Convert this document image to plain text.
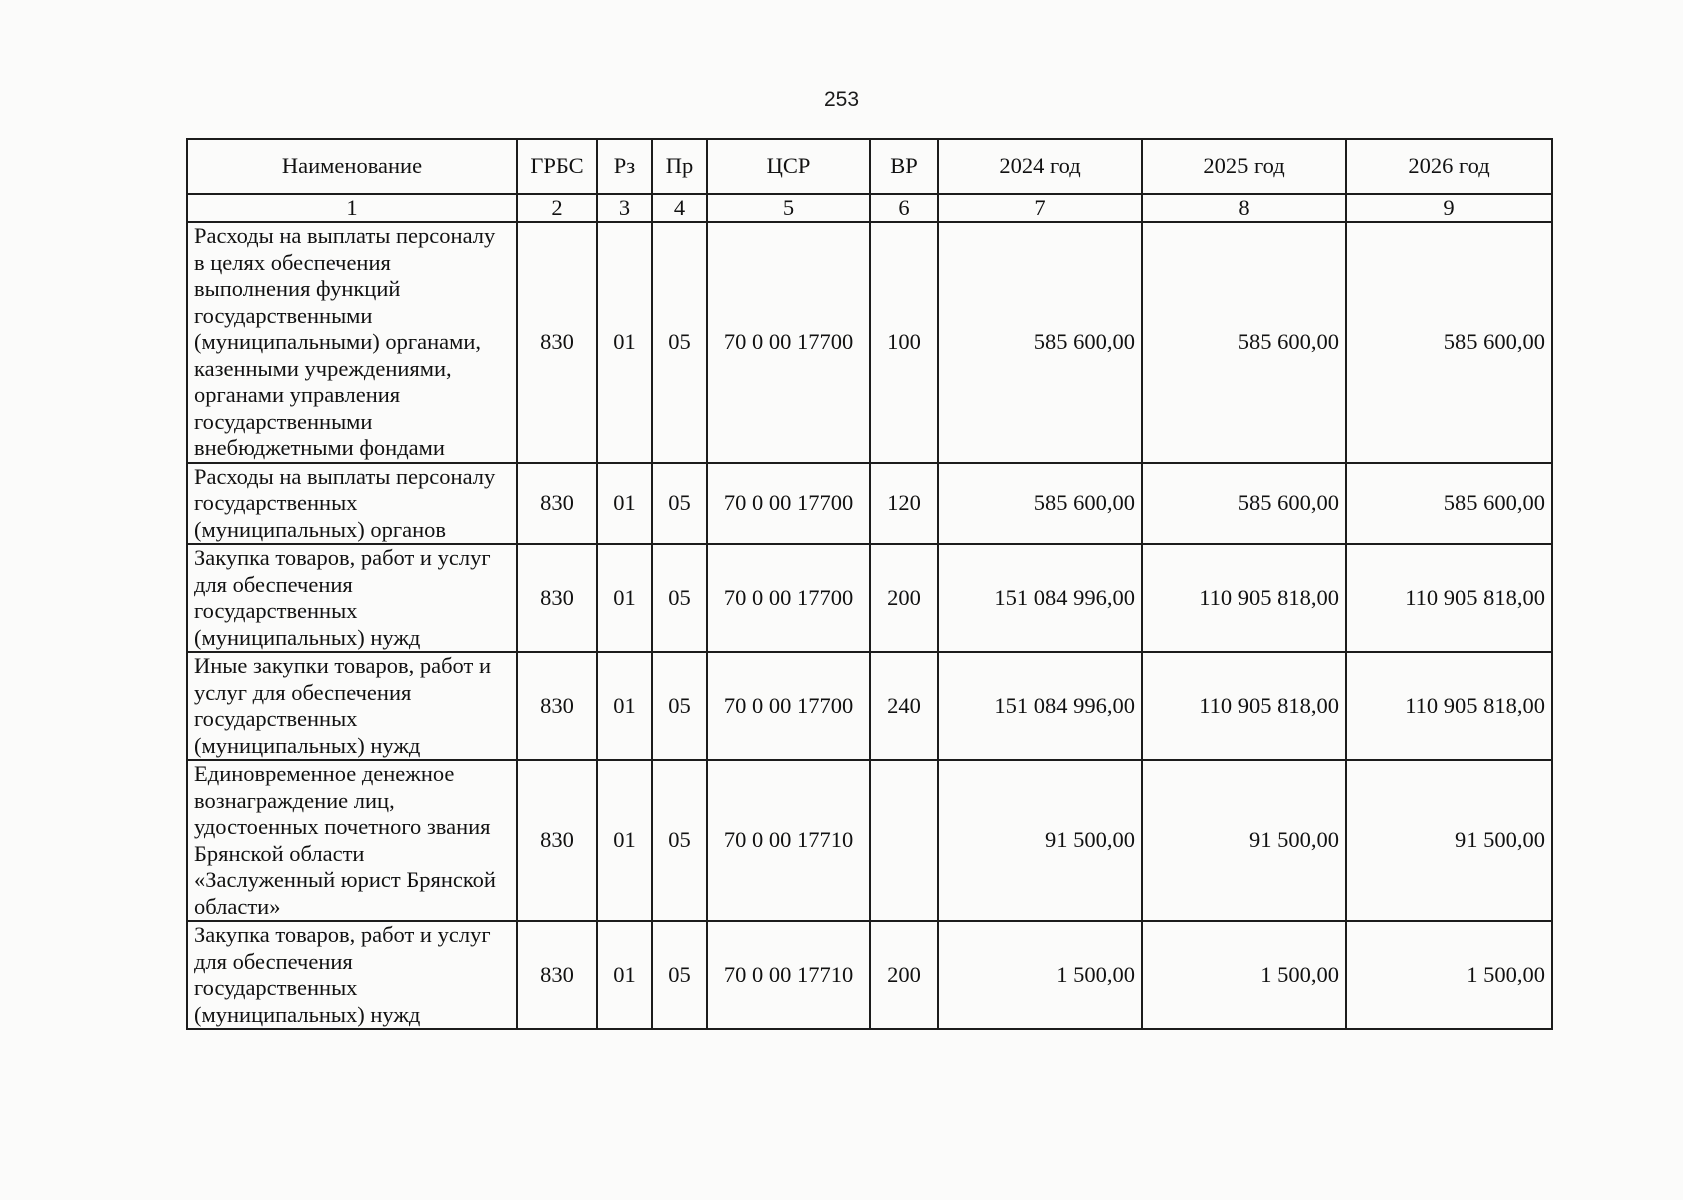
253
Наименование	ГРБС	Рз	Пр	ЦСР	ВР	2024 год	2025 год	2026 год
1	2	3	4	5	6	7	8	9
Расходы на выплаты персоналу в целях обеспечения выполнения функций государственными (муниципальными) органами, казенными учреждениями, органами управления государственными внебюджетными фондами	830	01	05	70 0 00 17700	100	585 600,00	585 600,00	585 600,00
Расходы на выплаты персоналу государственных (муниципальных) органов	830	01	05	70 0 00 17700	120	585 600,00	585 600,00	585 600,00
Закупка товаров, работ и услуг для обеспечения государственных (муниципальных) нужд	830	01	05	70 0 00 17700	200	151 084 996,00	110 905 818,00	110 905 818,00
Иные закупки товаров, работ и услуг для обеспечения государственных (муниципальных) нужд	830	01	05	70 0 00 17700	240	151 084 996,00	110 905 818,00	110 905 818,00
Единовременное денежное вознаграждение лиц, удостоенных почетного звания Брянской области «Заслуженный юрист Брянской области»	830	01	05	70 0 00 17710		91 500,00	91 500,00	91 500,00
Закупка товаров, работ и услуг для обеспечения государственных (муниципальных) нужд	830	01	05	70 0 00 17710	200	1 500,00	1 500,00	1 500,00
